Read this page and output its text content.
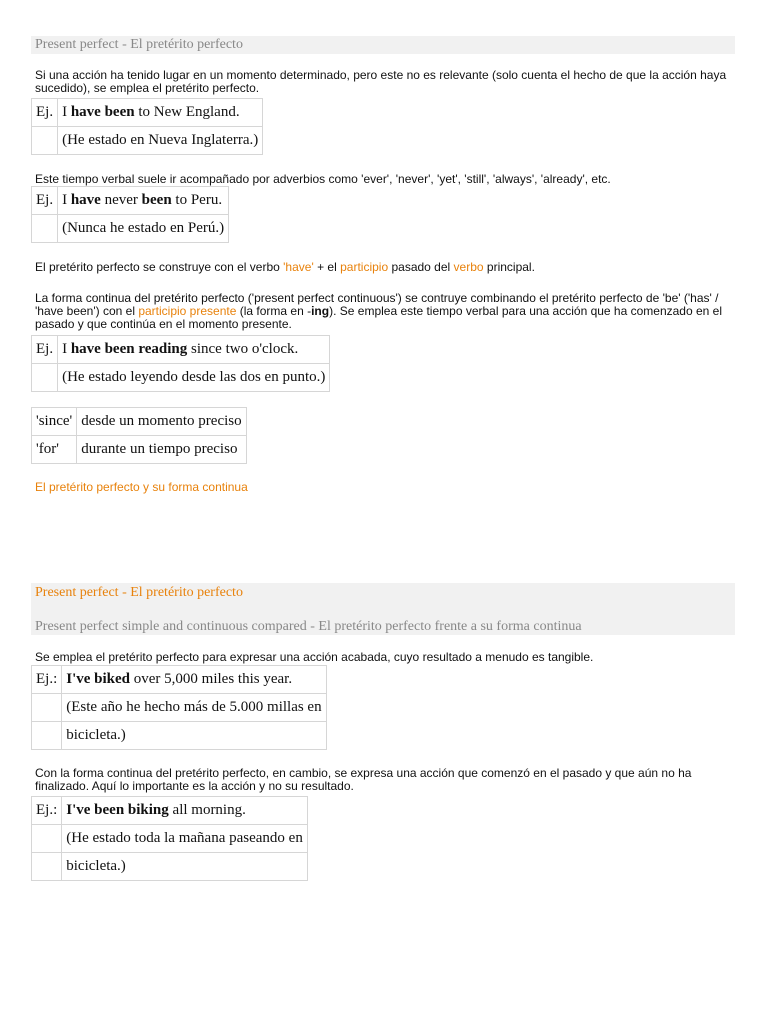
Present perfect - El pretérito perfecto
Si una acción ha tenido lugar en un momento determinado, pero este no es relevante (solo cuenta el hecho de que la acción haya sucedido), se emplea el pretérito perfecto.
Ej.	I have been to New England.
	(He estado en Nueva Inglaterra.)
Este tiempo verbal suele ir acompañado por adverbios como 'ever', 'never', 'yet', 'still', 'always', 'already', etc.
Ej.	I have never been to Peru.
	(Nunca he estado en Perú.)
El pretérito perfecto se construye con el verbo 'have' + el participio pasado del verbo principal.
La forma continua del pretérito perfecto ('present perfect continuous') se contruye combinando el pretérito perfecto de 'be' ('has' / 'have been') con el participio presente (la forma en -ing). Se emplea este tiempo verbal para una acción que ha comenzado en el pasado y que continúa en el momento presente.
Ej.	I have been reading since two o'clock.
	(He estado leyendo desde las dos en punto.)
'since'	desde un momento preciso
'for'	durante un tiempo preciso
El pretérito perfecto y su forma continua
Present perfect - El pretérito perfecto
Present perfect simple and continuous compared - El pretérito perfecto frente a su forma continua
Se emplea el pretérito perfecto para expresar una acción acabada, cuyo resultado a menudo es tangible.
Ej.:	I've biked over 5,000 miles this year.
	(Este año he hecho más de 5.000 millas en
	bicicleta.)
Con la forma continua del pretérito perfecto, en cambio, se expresa una acción que comenzó en el pasado y que aún no ha finalizado. Aquí lo importante es la acción y no su resultado.
Ej.:	I've been biking all morning.
	(He estado toda la mañana paseando en
	bicicleta.)
